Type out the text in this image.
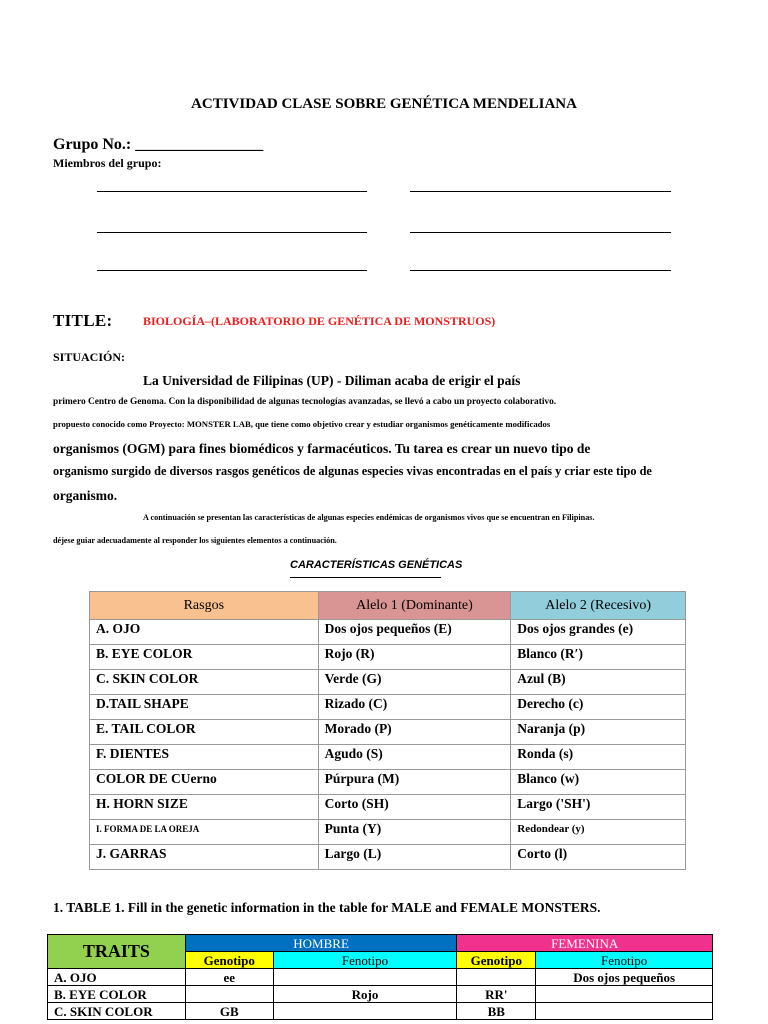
ACTIVIDAD CLASE SOBRE GENÉTICA MENDELIANA
Grupo No.: ________________
Miembros del grupo:
TITLE:	BIOLOGÍA–(LABORATORIO DE GENÉTICA DE MONSTRUOS)
SITUACIÓN:
La Universidad de Filipinas (UP) - Diliman acaba de erigir el país
primero Centro de Genoma. Con la disponibilidad de algunas tecnologías avanzadas, se llevó a cabo un proyecto colaborativo.
propuesto conocido como Proyecto: MONSTER LAB, que tiene como objetivo crear y estudiar organismos genéticamente modificados
organismos (OGM) para fines biomédicos y farmacéuticos. Tu tarea es crear un nuevo tipo de
organismo surgido de diversos rasgos genéticos de algunas especies vivas encontradas en el país y criar este tipo de
organismo.
A continuación se presentan las características de algunas especies endémicas de organismos vivos que se encuentran en Filipinas.
déjese guiar adecuadamente al responder los siguientes elementos a continuación.
CARACTERÍSTICAS GENÉTICAS
Rasgos	Alelo 1 (Dominante)	Alelo 2 (Recesivo)
A. OJO	Dos ojos pequeños (E)	Dos ojos grandes (e)
B. EYE COLOR	Rojo (R)	Blanco (R′)
C. SKIN COLOR	Verde (G)	Azul (B)
D.TAIL SHAPE	Rizado (C)	Derecho (c)
E. TAIL COLOR	Morado (P)	Naranja (p)
F. DIENTES	Agudo (S)	Ronda (s)
COLOR DE CUerno	Púrpura (M)	Blanco (w)
H. HORN SIZE	Corto (SH)	Largo ('SH')
I. FORMA DE LA OREJA	Punta (Y)	Redondear (y)
J. GARRAS	Largo (L)	Corto (l)
1. TABLE 1. Fill in the genetic information in the table for MALE and FEMALE MONSTERS.
TRAITS	HOMBRE		FEMENINA	
	Genotipo	Fenotipo	Genotipo	Fenotipo
A. OJO	ee			Dos ojos pequeños
B. EYE COLOR		Rojo	RR'	
C. SKIN COLOR	GB		BB	
